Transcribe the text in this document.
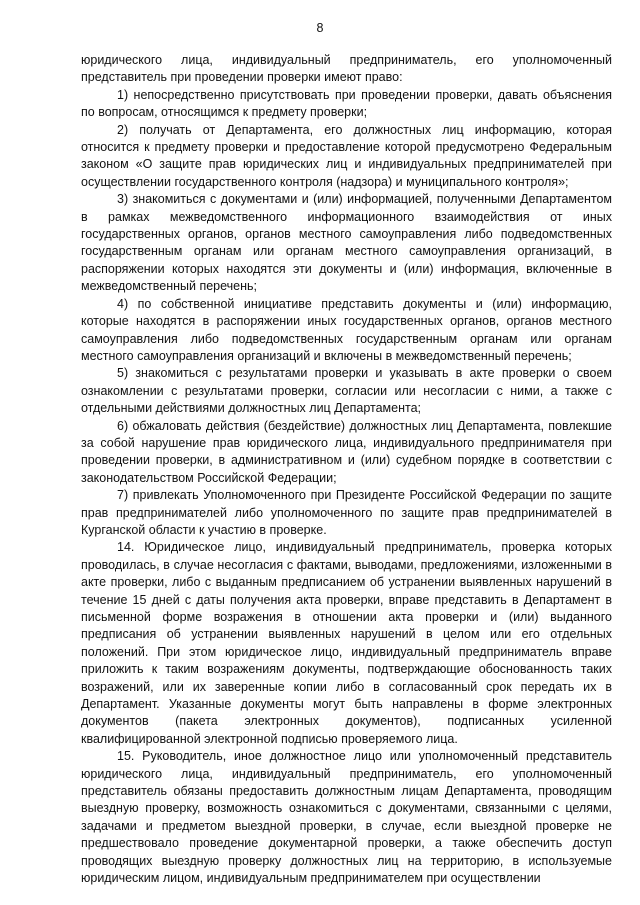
8

юридического лица, индивидуальный предприниматель, его уполномоченный представитель при проведении проверки имеют право:

1) непосредственно присутствовать при проведении проверки, давать объяснения по вопросам, относящимся к предмету проверки;

2) получать от Департамента, его должностных лиц информацию, которая относится к предмету проверки и предоставление которой предусмотрено Федеральным законом «О защите прав юридических лиц и индивидуальных предпринимателей при осуществлении государственного контроля (надзора) и муниципального контроля»;

3) знакомиться с документами и (или) информацией, полученными Департаментом в рамках межведомственного информационного взаимодействия от иных государственных органов, органов местного самоуправления либо подведомственных государственным органам или органам местного самоуправления организаций, в распоряжении которых находятся эти документы и (или) информация, включенные в межведомственный перечень;

4) по собственной инициативе представить документы и (или) информацию, которые находятся в распоряжении иных государственных органов, органов местного самоуправления либо подведомственных государственным органам или органам местного самоуправления организаций и включены в межведомственный перечень;

5) знакомиться с результатами проверки и указывать в акте проверки о своем ознакомлении с результатами проверки, согласии или несогласии с ними, а также с отдельными действиями должностных лиц Департамента;

6) обжаловать действия (бездействие) должностных лиц Департамента, повлекшие за собой нарушение прав юридического лица, индивидуального предпринимателя при проведении проверки, в административном и (или) судебном порядке в соответствии с законодательством Российской Федерации;

7) привлекать Уполномоченного при Президенте Российской Федерации по защите прав предпринимателей либо уполномоченного по защите прав предпринимателей в Курганской области к участию в проверке.

14. Юридическое лицо, индивидуальный предприниматель, проверка которых проводилась, в случае несогласия с фактами, выводами, предложениями, изложенными в акте проверки, либо с выданным предписанием об устранении выявленных нарушений в течение 15 дней с даты получения акта проверки, вправе представить в Департамент в письменной форме возражения в отношении акта проверки и (или) выданного предписания об устранении выявленных нарушений в целом или его отдельных положений. При этом юридическое лицо, индивидуальный предприниматель вправе приложить к таким возражениям документы, подтверждающие обоснованность таких возражений, или их заверенные копии либо в согласованный срок передать их в Департамент. Указанные документы могут быть направлены в форме электронных документов (пакета электронных документов), подписанных усиленной квалифицированной электронной подписью проверяемого лица.

15. Руководитель, иное должностное лицо или уполномоченный представитель юридического лица, индивидуальный предприниматель, его уполномоченный представитель обязаны предоставить должностным лицам Департамента, проводящим выездную проверку, возможность ознакомиться с документами, связанными с целями, задачами и предметом выездной проверки, в случае, если выездной проверке не предшествовало проведение документарной проверки, а также обеспечить доступ проводящих выездную проверку должностных лиц на территорию, в используемые юридическим лицом, индивидуальным предпринимателем при осуществлении
